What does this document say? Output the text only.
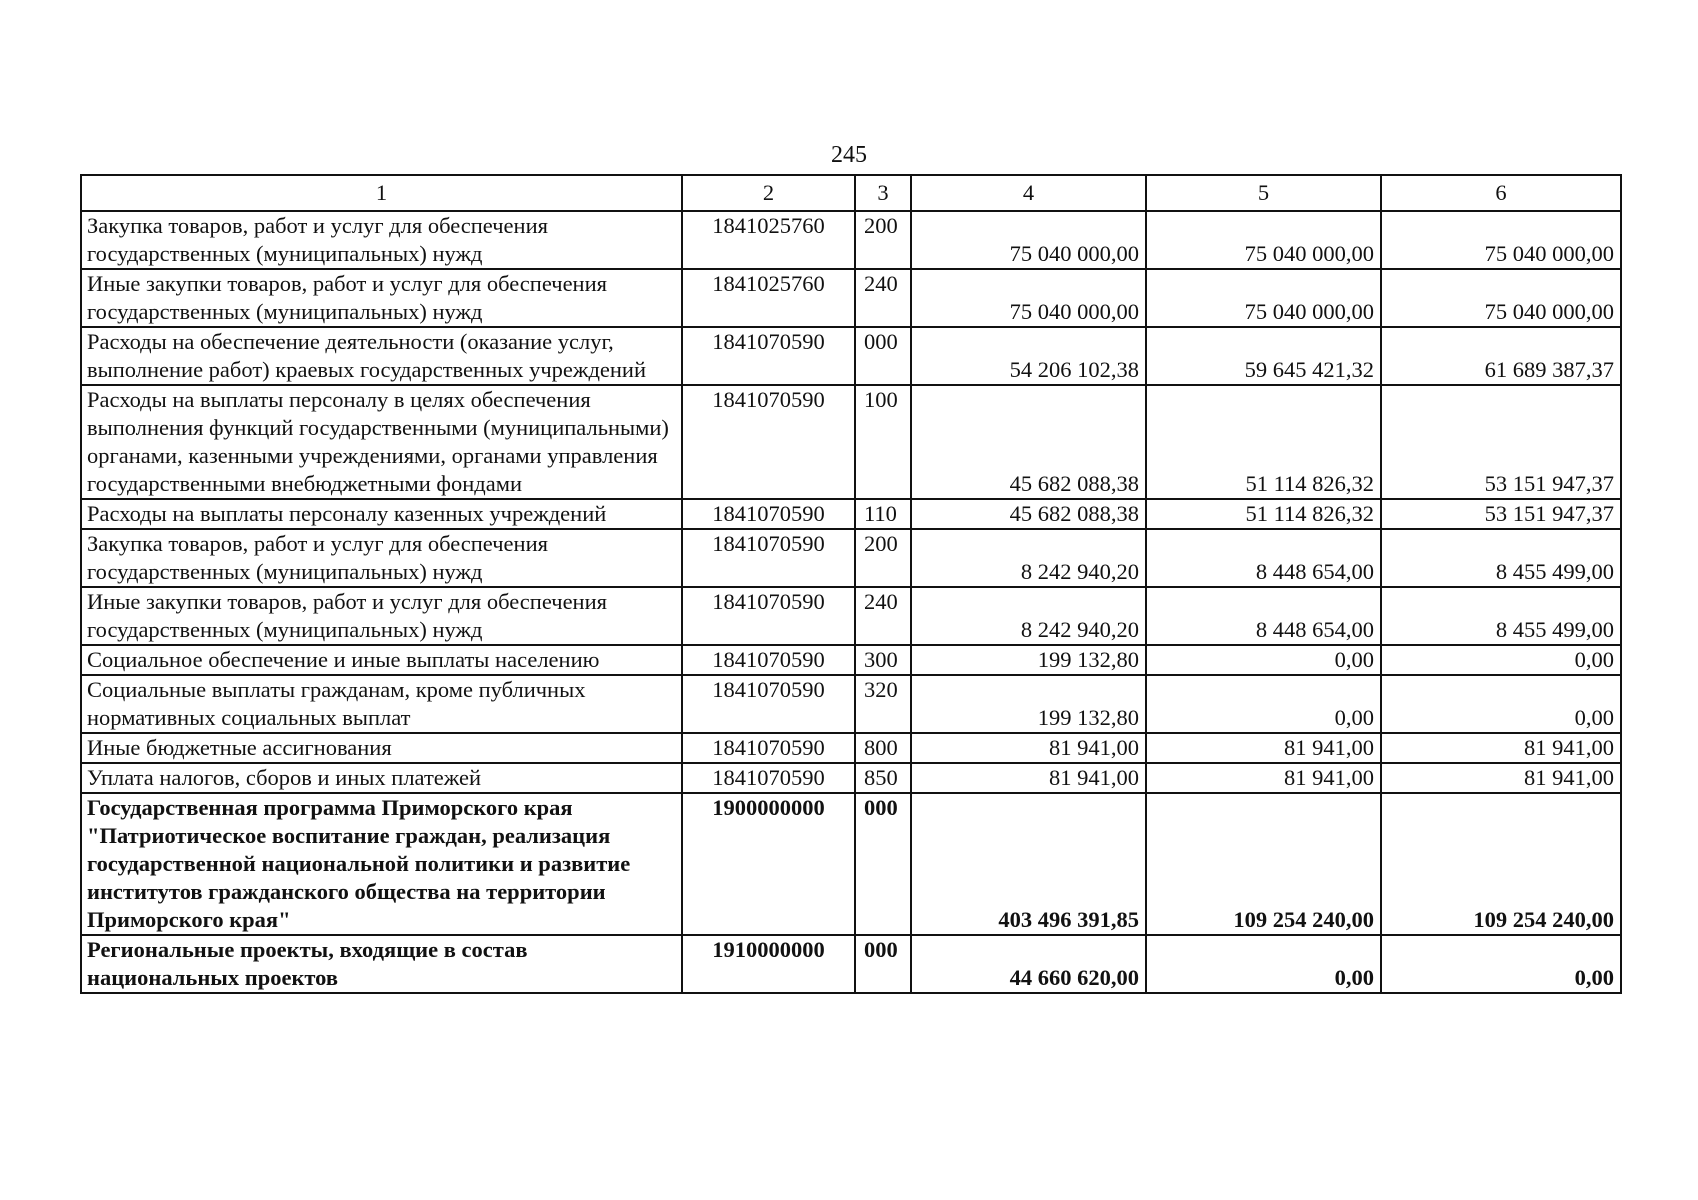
245
1	2	3	4	5	6
Закупка товаров, работ и услуг для обеспечения государственных (муниципальных) нужд	1841025760	200	75 040 000,00	75 040 000,00	75 040 000,00
Иные закупки товаров, работ и услуг для обеспечения государственных (муниципальных) нужд	1841025760	240	75 040 000,00	75 040 000,00	75 040 000,00
Расходы на обеспечение деятельности (оказание услуг, выполнение работ) краевых государственных учреждений	1841070590	000	54 206 102,38	59 645 421,32	61 689 387,37
Расходы на выплаты персоналу в целях обеспечения выполнения функций государственными (муниципальными) органами, казенными учреждениями, органами управления государственными внебюджетными фондами	1841070590	100	45 682 088,38	51 114 826,32	53 151 947,37
Расходы на выплаты персоналу казенных учреждений	1841070590	110	45 682 088,38	51 114 826,32	53 151 947,37
Закупка товаров, работ и услуг для обеспечения государственных (муниципальных) нужд	1841070590	200	8 242 940,20	8 448 654,00	8 455 499,00
Иные закупки товаров, работ и услуг для обеспечения государственных (муниципальных) нужд	1841070590	240	8 242 940,20	8 448 654,00	8 455 499,00
Социальное обеспечение и иные выплаты населению	1841070590	300	199 132,80	0,00	0,00
Социальные выплаты гражданам, кроме публичных нормативных социальных выплат	1841070590	320	199 132,80	0,00	0,00
Иные бюджетные ассигнования	1841070590	800	81 941,00	81 941,00	81 941,00
Уплата налогов, сборов и иных платежей	1841070590	850	81 941,00	81 941,00	81 941,00
Государственная программа Приморского края "Патриотическое воспитание граждан, реализация государственной национальной политики и развитие институтов гражданского общества на территории Приморского края"	1900000000	000	403 496 391,85	109 254 240,00	109 254 240,00
Региональные проекты, входящие в состав национальных проектов	1910000000	000	44 660 620,00	0,00	0,00
